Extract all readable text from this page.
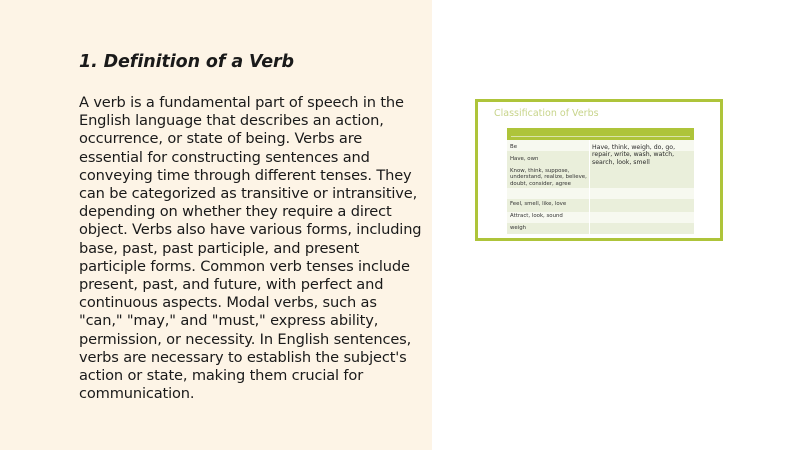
1. Definition of a Verb

A verb is a fundamental part of speech in the English language that describes an action, occurrence, or state of being. Verbs are essential for constructing sentences and conveying time through different tenses. They can be categorized as transitive or intransitive, depending on whether they require a direct object. Verbs also have various forms, including base, past, past participle, and present participle forms. Common verb tenses include present, past, and future, with perfect and continuous aspects. Modal verbs, such as "can," "may," and "must," express ability, permission, or necessity. In English sentences, verbs are necessary to establish the subject's action or state, making them crucial for communication.

Classification of Verbs
Be
Have, own
Know, think, suppose, understand, realize, believe, doubt, consider, agree
Feel, smell, like, love
Attract, look, sound
weigh
Have, think, weigh, do, go, repair, write, wash, watch, search, look, smell
